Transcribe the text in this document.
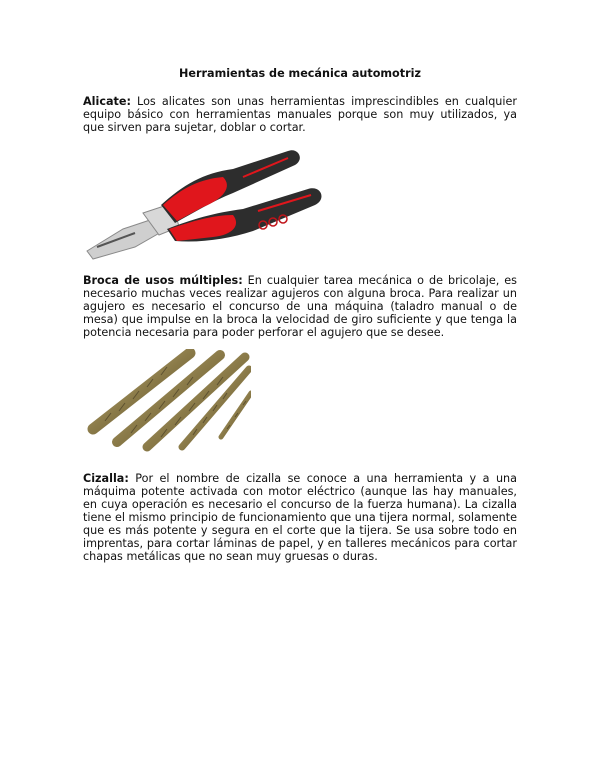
Herramientas de mecánica automotriz
Alicate: Los alicates son unas herramientas imprescindibles en cualquier equipo básico con herramientas manuales porque son muy utilizados, ya que sirven para sujetar, doblar o cortar.
Broca de usos múltiples: En cualquier tarea mecánica o de bricolaje, es necesario muchas veces realizar agujeros con alguna broca. Para realizar un agujero es necesario el concurso de una máquina (taladro manual o de mesa) que impulse en la broca la velocidad de giro suficiente y que tenga la potencia necesaria para poder perforar el agujero que se desee.
Cizalla: Por el nombre de cizalla se conoce a una herramienta y a una máquima potente activada con motor eléctrico (aunque las hay manuales, en cuya operación es necesario el concurso de la fuerza humana). La cizalla tiene el mismo principio de funcionamiento que una tijera normal, solamente que es más potente y segura en el corte que la tijera. Se usa sobre todo en imprentas, para cortar láminas de papel, y en talleres mecánicos para cortar chapas metálicas que no sean muy gruesas o duras.
